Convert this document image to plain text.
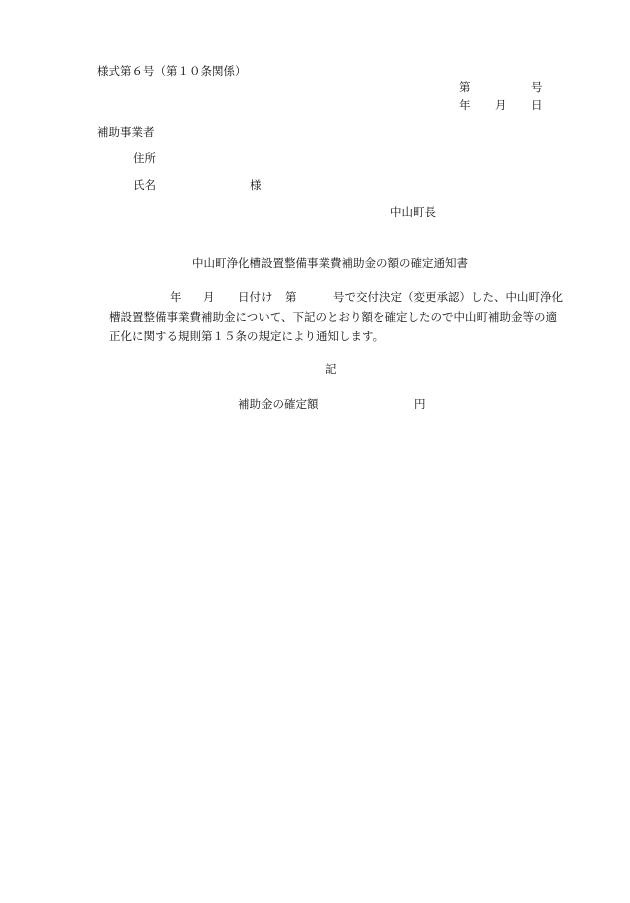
様式第６号（第１０条関係）
第	号
年 月 日
補助事業者
住所
氏名	様
中山町長
中山町浄化槽設置整備事業費補助金の額の確定通知書
年 月 日付け 第	号で交付決定（変更承認）した、中山町浄化
槽設置整備事業費補助金について、下記のとおり額を確定したので中山町補助金等の適
正化に関する規則第１５条の規定により通知します。
記
補助金の確定額	円
